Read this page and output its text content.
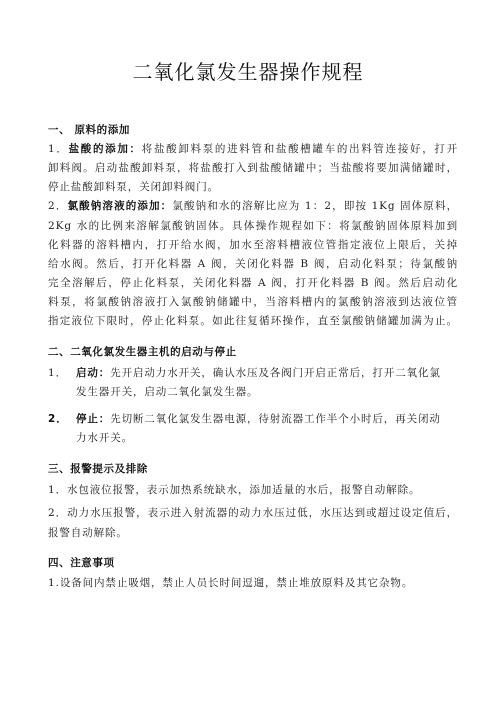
二氧化氯发生器操作规程
一、 原料的添加
1．盐酸的添加：将盐酸卸料泵的进料管和盐酸槽罐车的出料管连接好，打开
卸料阀。启动盐酸卸料泵，将盐酸打入到盐酸储罐中；当盐酸将要加满储罐时，
停止盐酸卸料泵，关闭卸料阀门。
2．氯酸钠溶液的添加：氯酸钠和水的溶解比应为 1：2，即按 1Kg 固体原料，
2Kg 水的比例来溶解氯酸钠固体。具体操作规程如下：将氯酸钠固体原料加到
化料器的溶料槽内，打开给水阀，加水至溶料槽液位管指定液位上限后，关掉
给水阀。然后，打开化料器 A 阀，关闭化料器 B 阀，启动化料泵；待氯酸钠
完全溶解后，停止化料泵，关闭化料器 A 阀，打开化料器 B 阀。然后启动化
料泵，将氯酸钠溶液打入氯酸钠储罐中，当溶料槽内的氯酸钠溶液到达液位管
指定液位下限时，停止化料泵。如此往复循环操作，直至氯酸钠储罐加满为止。
二、二氧化氯发生器主机的启动与停止
1． 启动：先开启动力水开关，确认水压及各阀门开启正常后，打开二氧化氯
发生器开关，启动二氧化氯发生器。
2． 停止：先切断二氧化氯发生器电源，待射流器工作半个小时后，再关闭动
力水开关。
三、报警提示及排除
1．水包液位报警，表示加热系统缺水，添加适量的水后，报警自动解除。
2．动力水压报警，表示进入射流器的动力水压过低，水压达到或超过设定值后，
报警自动解除。
四、注意事项
1.设备间内禁止吸烟，禁止人员长时间逗遛，禁止堆放原料及其它杂物。
